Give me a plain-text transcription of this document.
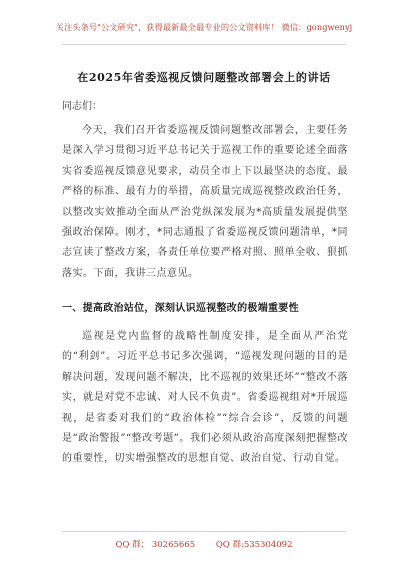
关注头条号"公文研究"，获得最新最全最专业的公文资料库！ 微信：gongwenyj
在2025年省委巡视反馈问题整改部署会上的讲话
同志们：

今天，我们召开省委巡视反馈问题整改部署会，主要任务是深入学习贯彻习近平总书记关于巡视工作的重要论述全面落实省委巡视反馈意见要求，动员全市上下以最坚决的态度、最严格的标准、最有力的举措，高质量完成巡视整改政治任务，以整改实效推动全面从严治党纵深发展为*高质量发展提供坚强政治保障。刚才，*同志通报了省委巡视反馈问题清单，*同志宣读了整改方案，各责任单位要严格对照、照单全收、狠抓落实。下面，我讲三点意见。

一、提高政治站位，深刻认识巡视整改的极端重要性

巡视是党内监督的战略性制度安排，是全面从严治党的“利剑”。习近平总书记多次强调，“巡视发现问题的目的是解决问题，发现问题不解决，比不巡视的效果还坏”“整改不落实，就是对党不忠诚、对人民不负责”。省委巡视组对*开展巡视，是省委对我们的“政治体检”“综合会诊”，反馈的问题是“政治警报”“整改考题”。我们必须从政治高度深刻把握整改的重要性，切实增强整改的思想自觉、政治自觉、行动自觉。

QQ 群： 30265665 QQ 群:535304092
